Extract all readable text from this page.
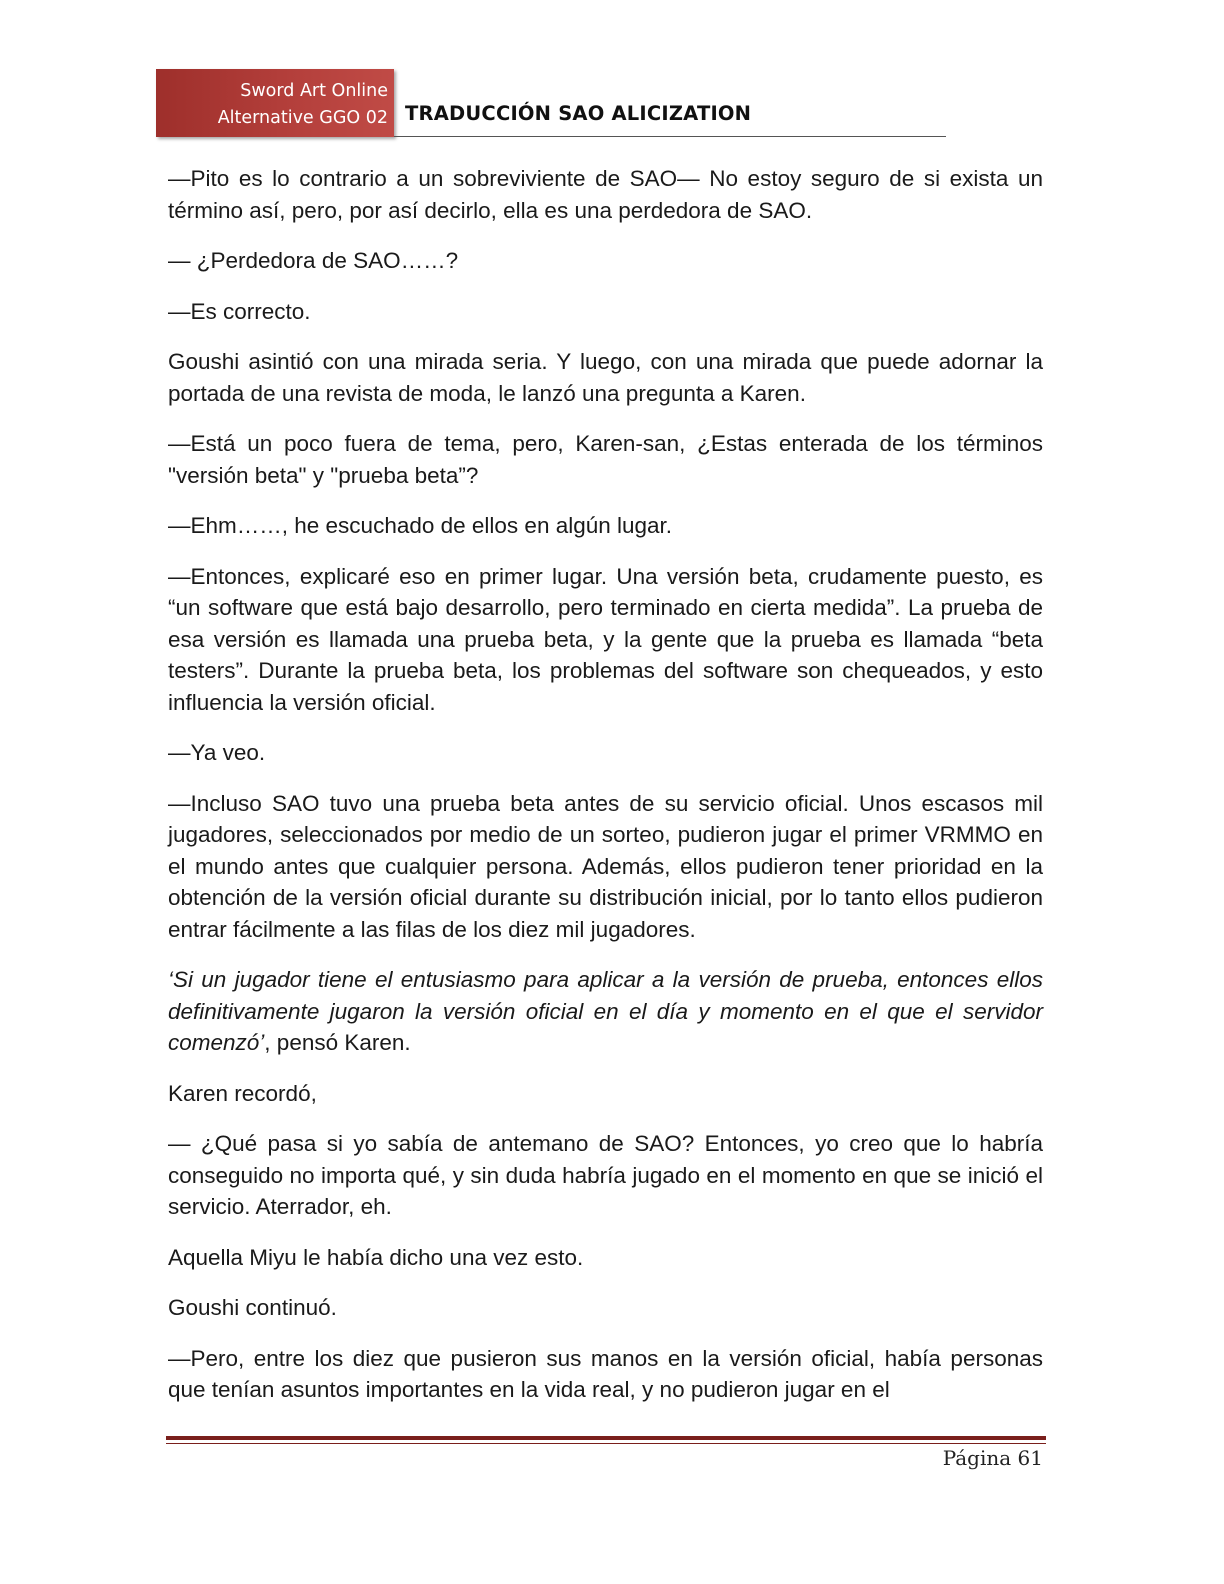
Sword Art Online
Alternative GGO 02 TRADUCCIÓN SAO ALICIZATION

—Pito es lo contrario a un sobreviviente de SAO— No estoy seguro de si exista un término así, pero, por así decirlo, ella es una perdedora de SAO.

— ¿Perdedora de SAO……?

—Es correcto.

Goushi asintió con una mirada seria. Y luego, con una mirada que puede adornar la portada de una revista de moda, le lanzó una pregunta a Karen.

—Está un poco fuera de tema, pero, Karen-san, ¿Estas enterada de los términos "versión beta" y "prueba beta”?

—Ehm……, he escuchado de ellos en algún lugar.

—Entonces, explicaré eso en primer lugar. Una versión beta, crudamente puesto, es “un software que está bajo desarrollo, pero terminado en cierta medida”. La prueba de esa versión es llamada una prueba beta, y la gente que la prueba es llamada “beta testers”. Durante la prueba beta, los problemas del software son chequeados, y esto influencia la versión oficial.

—Ya veo.

—Incluso SAO tuvo una prueba beta antes de su servicio oficial. Unos escasos mil jugadores, seleccionados por medio de un sorteo, pudieron jugar el primer VRMMO en el mundo antes que cualquier persona. Además, ellos pudieron tener prioridad en la obtención de la versión oficial durante su distribución inicial, por lo tanto ellos pudieron entrar fácilmente a las filas de los diez mil jugadores.

‘Si un jugador tiene el entusiasmo para aplicar a la versión de prueba, entonces ellos definitivamente jugaron la versión oficial en el día y momento en el que el servidor comenzó’, pensó Karen.

Karen recordó,

— ¿Qué pasa si yo sabía de antemano de SAO? Entonces, yo creo que lo habría conseguido no importa qué, y sin duda habría jugado en el momento en que se inició el servicio. Aterrador, eh.

Aquella Miyu le había dicho una vez esto.

Goushi continuó.

—Pero, entre los diez que pusieron sus manos en la versión oficial, había personas que tenían asuntos importantes en la vida real, y no pudieron jugar en el

Página 61
